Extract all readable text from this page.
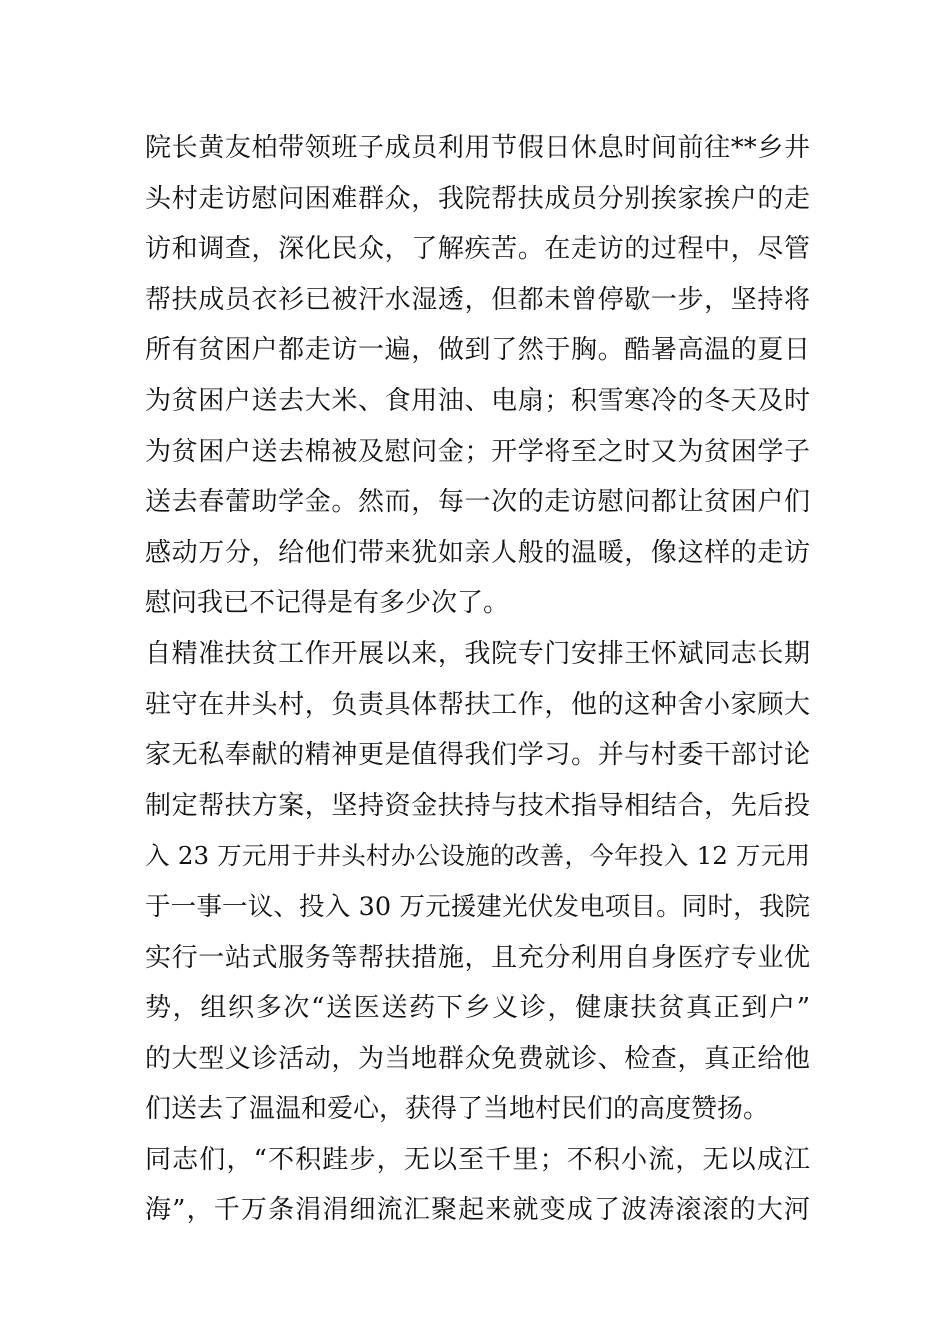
院长黄友柏带领班子成员利用节假日休息时间前往**乡井
头村走访慰问困难群众，我院帮扶成员分别挨家挨户的走
访和调查，深化民众，了解疾苦。在走访的过程中，尽管
帮扶成员衣衫已被汗水湿透，但都未曾停歇一步，坚持将
所有贫困户都走访一遍，做到了然于胸。酷暑高温的夏日
为贫困户送去大米、食用油、电扇；积雪寒冷的冬天及时
为贫困户送去棉被及慰问金；开学将至之时又为贫困学子
送去春蕾助学金。然而，每一次的走访慰问都让贫困户们
感动万分，给他们带来犹如亲人般的温暖，像这样的走访
慰问我已不记得是有多少次了。
自精准扶贫工作开展以来，我院专门安排王怀斌同志长期
驻守在井头村，负责具体帮扶工作，他的这种舍小家顾大
家无私奉献的精神更是值得我们学习。并与村委干部讨论
制定帮扶方案，坚持资金扶持与技术指导相结合，先后投
入 23 万元用于井头村办公设施的改善，今年投入 12 万元用
于一事一议、投入 30 万元援建光伏发电项目。同时，我院
实行一站式服务等帮扶措施，且充分利用自身医疗专业优
势，组织多次“送医送药下乡义诊，健康扶贫真正到户”
的大型义诊活动，为当地群众免费就诊、检查，真正给他
们送去了温温和爱心，获得了当地村民们的高度赞扬。
同志们，“不积跬步，无以至千里；不积小流，无以成江
海”，千万条涓涓细流汇聚起来就变成了波涛滚滚的大河
